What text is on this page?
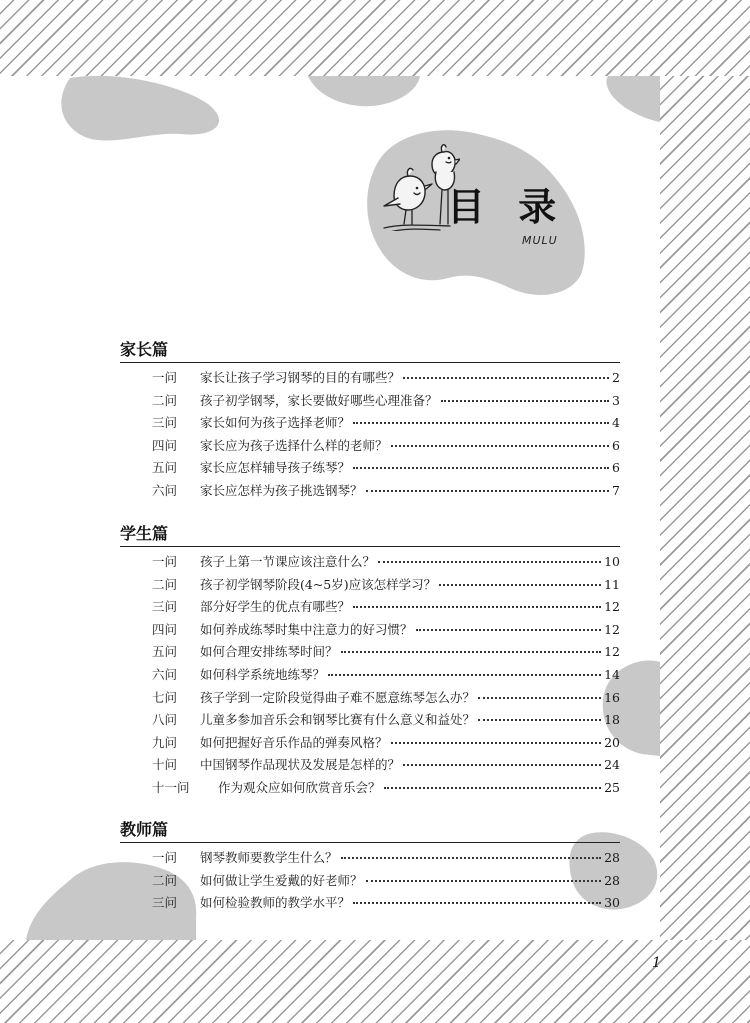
目 录
MULU
家长篇
一问	家长让孩子学习钢琴的目的有哪些？	2
二问	孩子初学钢琴，家长要做好哪些心理准备？	3
三问	家长如何为孩子选择老师？	4
四问	家长应为孩子选择什么样的老师？	6
五问	家长应怎样辅导孩子练琴？	6
六问	家长应怎样为孩子挑选钢琴？	7
学生篇
一问	孩子上第一节课应该注意什么？	10
二问	孩子初学钢琴阶段(4~5岁)应该怎样学习？	11
三问	部分好学生的优点有哪些？	12
四问	如何养成练琴时集中注意力的好习惯？	12
五问	如何合理安排练琴时间？	12
六问	如何科学系统地练琴？	14
七问	孩子学到一定阶段觉得曲子难不愿意练琴怎么办？	16
八问	儿童多参加音乐会和钢琴比赛有什么意义和益处？	18
九问	如何把握好音乐作品的弹奏风格？	20
十问	中国钢琴作品现状及发展是怎样的？	24
十一问	作为观众应如何欣赏音乐会？	25
教师篇
一问	钢琴教师要教学生什么？	28
二问	如何做让学生爱戴的好老师？	28
三问	如何检验教师的教学水平？	30
1
